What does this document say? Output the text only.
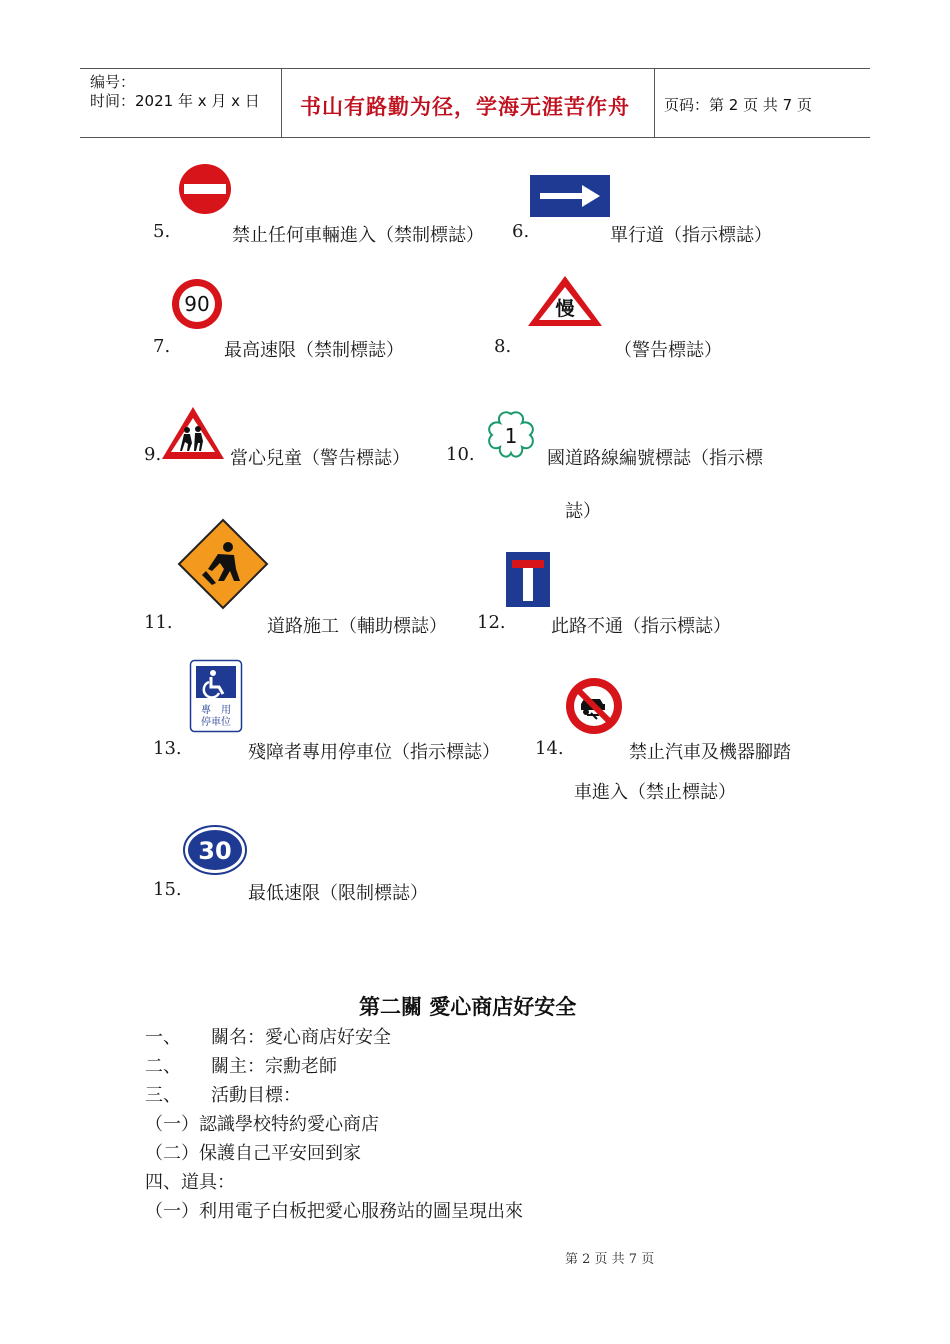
编号：
时间：2021 年 x 月 x 日 书山有路勤为径，学海无涯苦作舟 页码：第 2 页 共 7 页
5.	禁止任何車輛進入（禁制標誌） 6.	單行道（指示標誌）
90
7.	最高速限（禁制標誌）
慢
8.	（警告標誌）
9.	當心兒童（警告標誌）
1
10.	國道路線編號標誌（指示標
誌）
11.	道路施工（輔助標誌） 12.	此路不通（指示標誌）
專　用
停車位
13.	殘障者專用停車位（指示標誌） 14.	禁止汽車及機器腳踏
車進入（禁止標誌）
30
15.	最低速限（限制標誌）
第二關 愛心商店好安全
一、 關名：愛心商店好安全
二、 關主：宗勳老師
三、 活動目標：
（一）認識學校特約愛心商店
（二）保護自己平安回到家
四、道具：
（一）利用電子白板把愛心服務站的圖呈現出來
第 2 页 共 7 页
